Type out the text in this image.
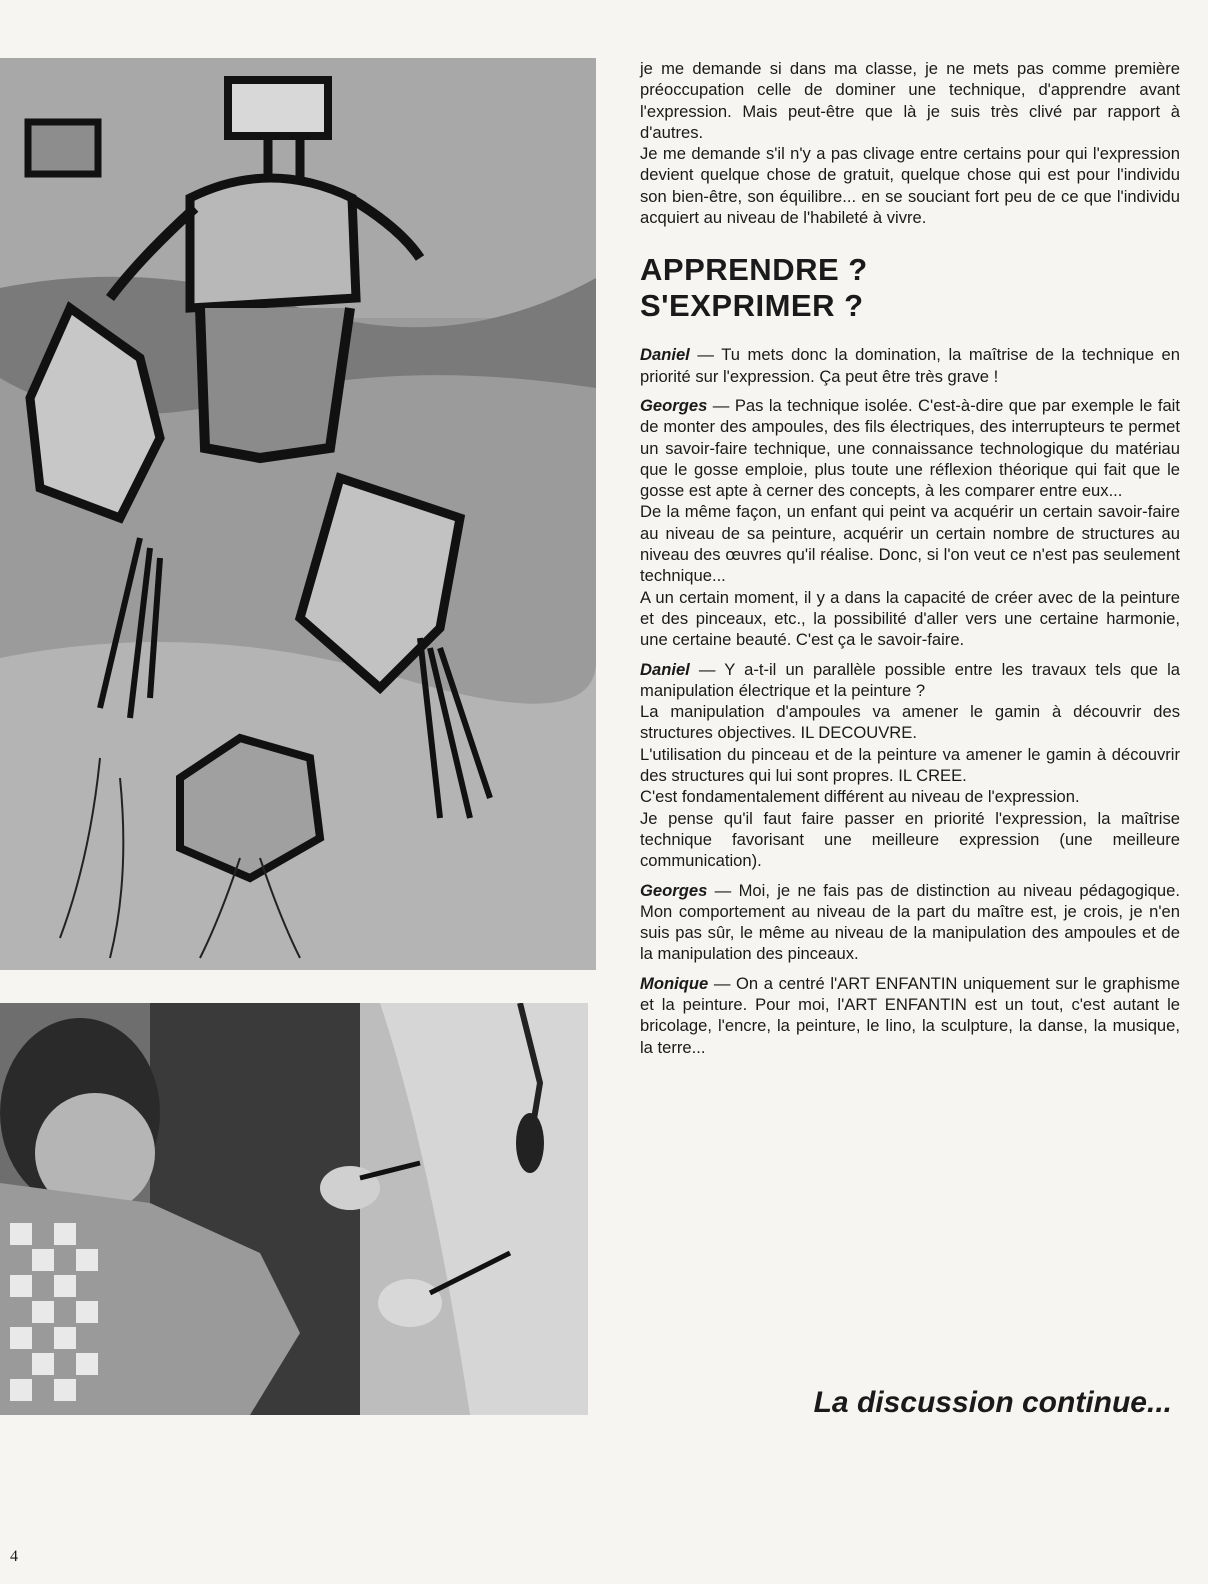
je me demande si dans ma classe, je ne mets pas comme première préoccupation celle de dominer une technique, d'apprendre avant l'expression. Mais peut-être que là je suis très clivé par rapport à d'autres.

Je me demande s'il n'y a pas clivage entre certains pour qui l'expression devient quelque chose de gratuit, quelque chose qui est pour l'individu son bien-être, son équilibre... en se souciant fort peu de ce que l'individu acquiert au niveau de l'habileté à vivre.

APPRENDRE ?
S'EXPRIMER ?

Daniel — Tu mets donc la domination, la maîtrise de la technique en priorité sur l'expression. Ça peut être très grave !

Georges — Pas la technique isolée. C'est-à-dire que par exemple le fait de monter des ampoules, des fils électriques, des interrupteurs te permet un savoir-faire technique, une connaissance technologique du matériau que le gosse emploie, plus toute une réflexion théorique qui fait que le gosse est apte à cerner des concepts, à les comparer entre eux...

De la même façon, un enfant qui peint va acquérir un certain savoir-faire au niveau de sa peinture, acquérir un certain nombre de structures au niveau des œuvres qu'il réalise. Donc, si l'on veut ce n'est pas seulement technique...

A un certain moment, il y a dans la capacité de créer avec de la peinture et des pinceaux, etc., la possibilité d'aller vers une certaine harmonie, une certaine beauté. C'est ça le savoir-faire.

Daniel — Y a-t-il un parallèle possible entre les travaux tels que la manipulation électrique et la peinture ?

La manipulation d'ampoules va amener le gamin à découvrir des structures objectives. IL DECOUVRE.

L'utilisation du pinceau et de la peinture va amener le gamin à découvrir des structures qui lui sont propres. IL CREE.

C'est fondamentalement différent au niveau de l'expression.

Je pense qu'il faut faire passer en priorité l'expression, la maîtrise technique favorisant une meilleure expression (une meilleure communication).

Georges — Moi, je ne fais pas de distinction au niveau pédagogique. Mon comportement au niveau de la part du maître est, je crois, je n'en suis pas sûr, le même au niveau de la manipulation des ampoules et de la manipulation des pinceaux.

Monique — On a centré l'ART ENFANTIN uniquement sur le graphisme et la peinture. Pour moi, l'ART ENFANTIN est un tout, c'est autant le bricolage, l'encre, la peinture, le lino, la sculpture, la danse, la musique, la terre...

La discussion continue...
4
